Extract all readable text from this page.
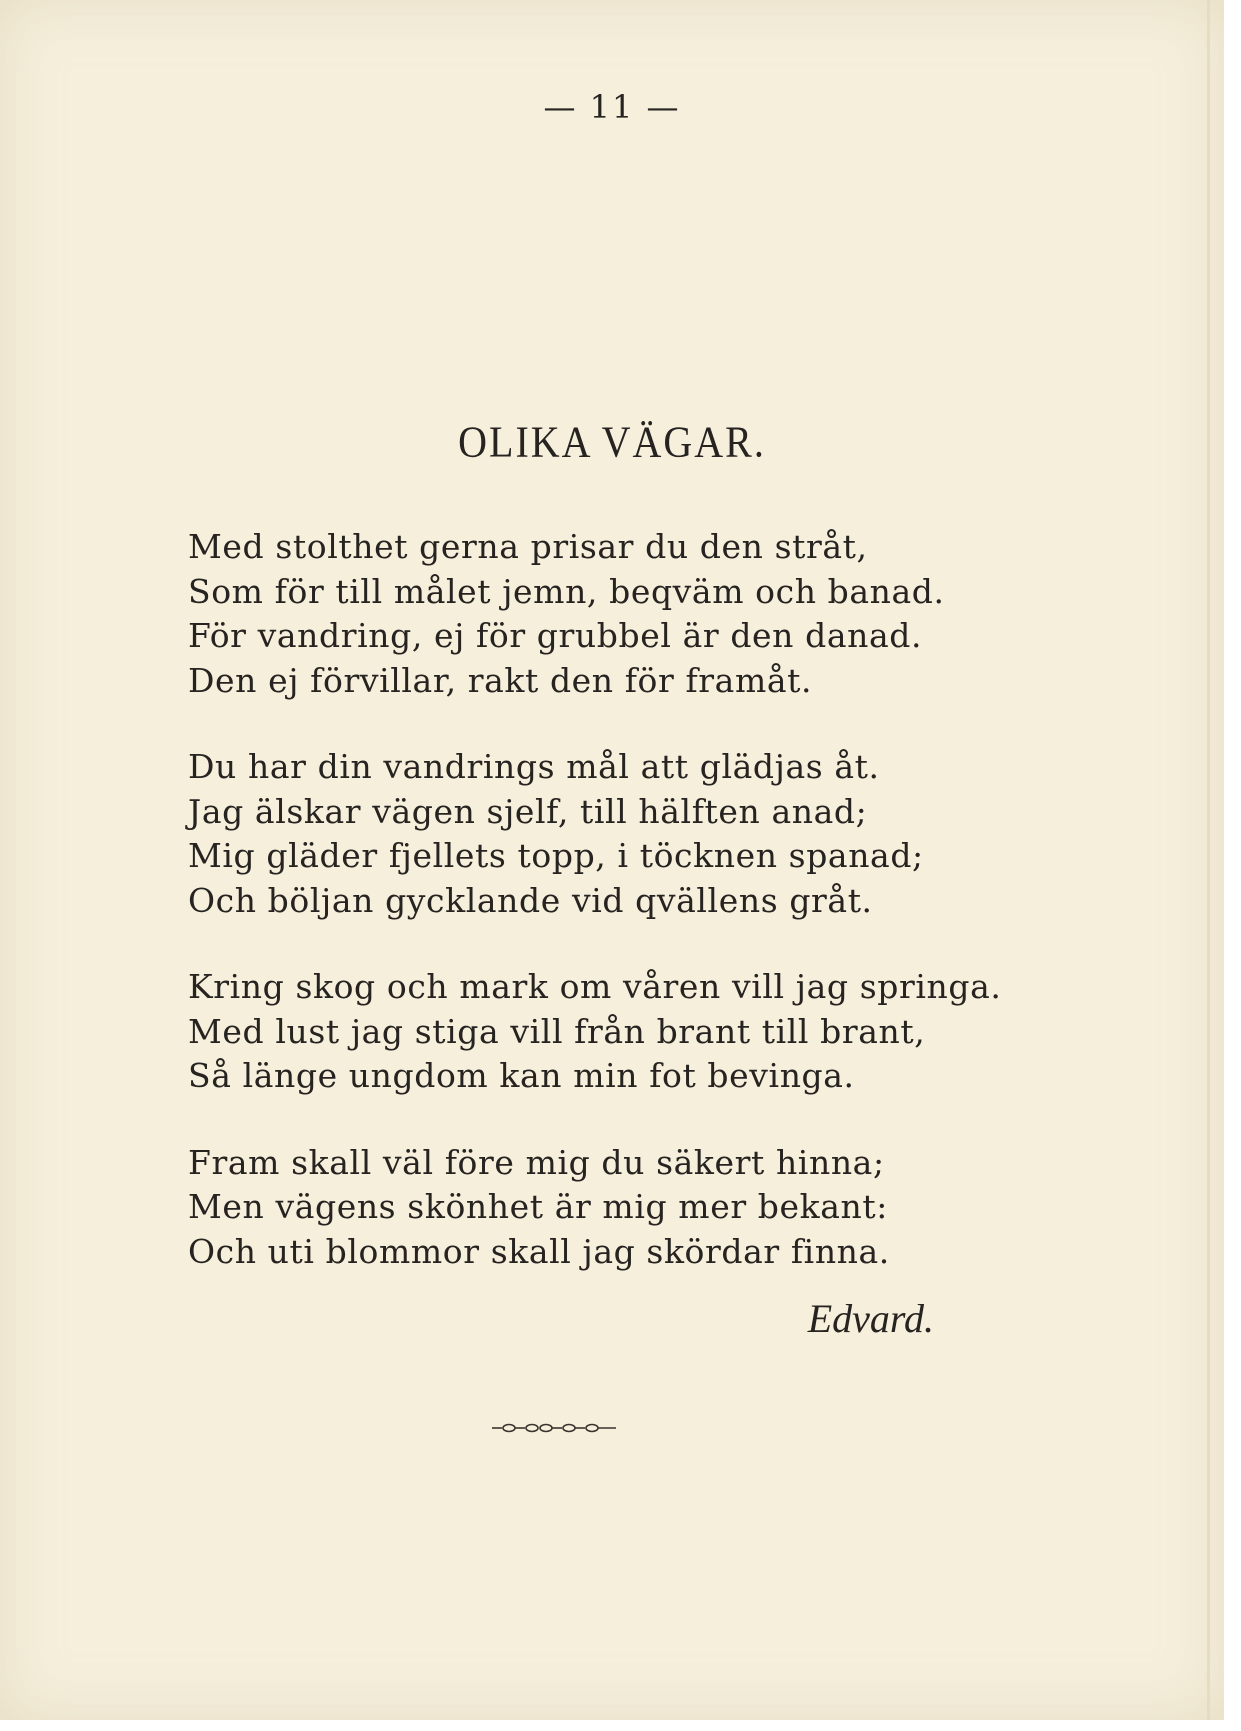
— 11 —
OLIKA VÄGAR.
Med stolthet gerna prisar du den stråt,
Som för till målet jemn, beqväm och banad.
För vandring, ej för grubbel är den danad.
Den ej förvillar, rakt den för framåt.
Du har din vandrings mål att glädjas åt.
Jag älskar vägen sjelf, till hälften anad;
Mig gläder fjellets topp, i töcknen spanad;
Och böljan gycklande vid qvällens gråt.
Kring skog och mark om våren vill jag springa.
Med lust jag stiga vill från brant till brant,
Så länge ungdom kan min fot bevinga.
Fram skall väl före mig du säkert hinna;
Men vägens skönhet är mig mer bekant:
Och uti blommor skall jag skördar finna.
Edvard.
